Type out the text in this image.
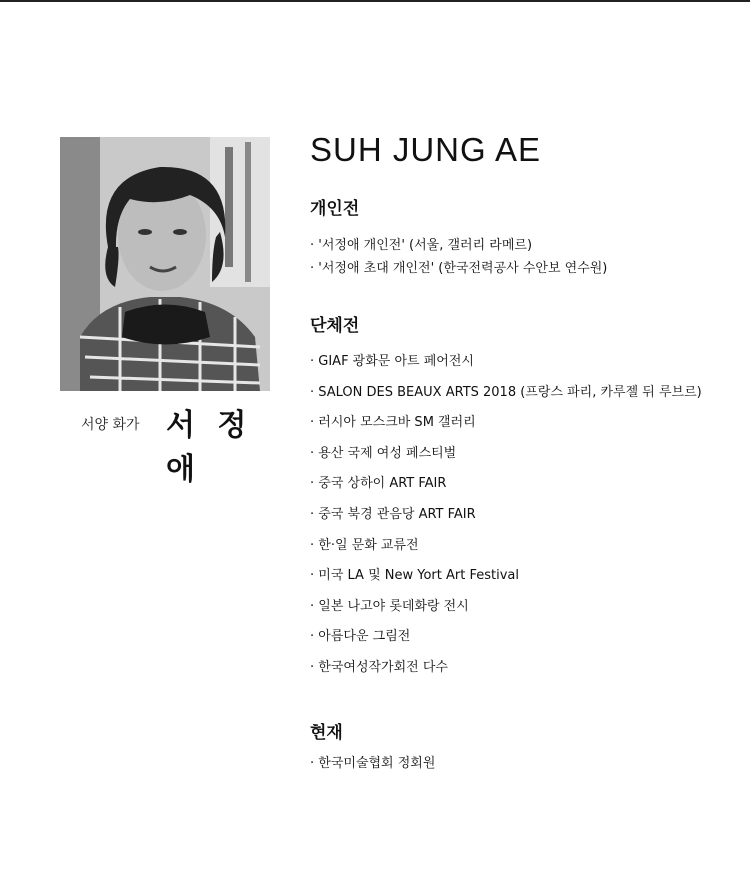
서양 화가 서 정 애
SUH JUNG AE
개인전
· '서정애 개인전' (서울, 갤러리 라메르)
· '서정애 초대 개인전' (한국전력공사 수안보 연수원)
단체전
· GIAF 광화문 아트 페어전시
· SALON DES BEAUX ARTS 2018 (프랑스 파리, 카루젤 뒤 루브르)
· 러시아 모스크바 SM 갤러리
· 용산 국제 여성 페스티벌
· 중국 상하이 ART FAIR
· 중국 북경 관음당 ART FAIR
· 한·일 문화 교류전
· 미국 LA 및 New Yort Art Festival
· 일본 나고야 롯데화랑 전시
· 아름다운 그림전
· 한국여성작가회전 다수
현재
· 한국미술협회 정회원
